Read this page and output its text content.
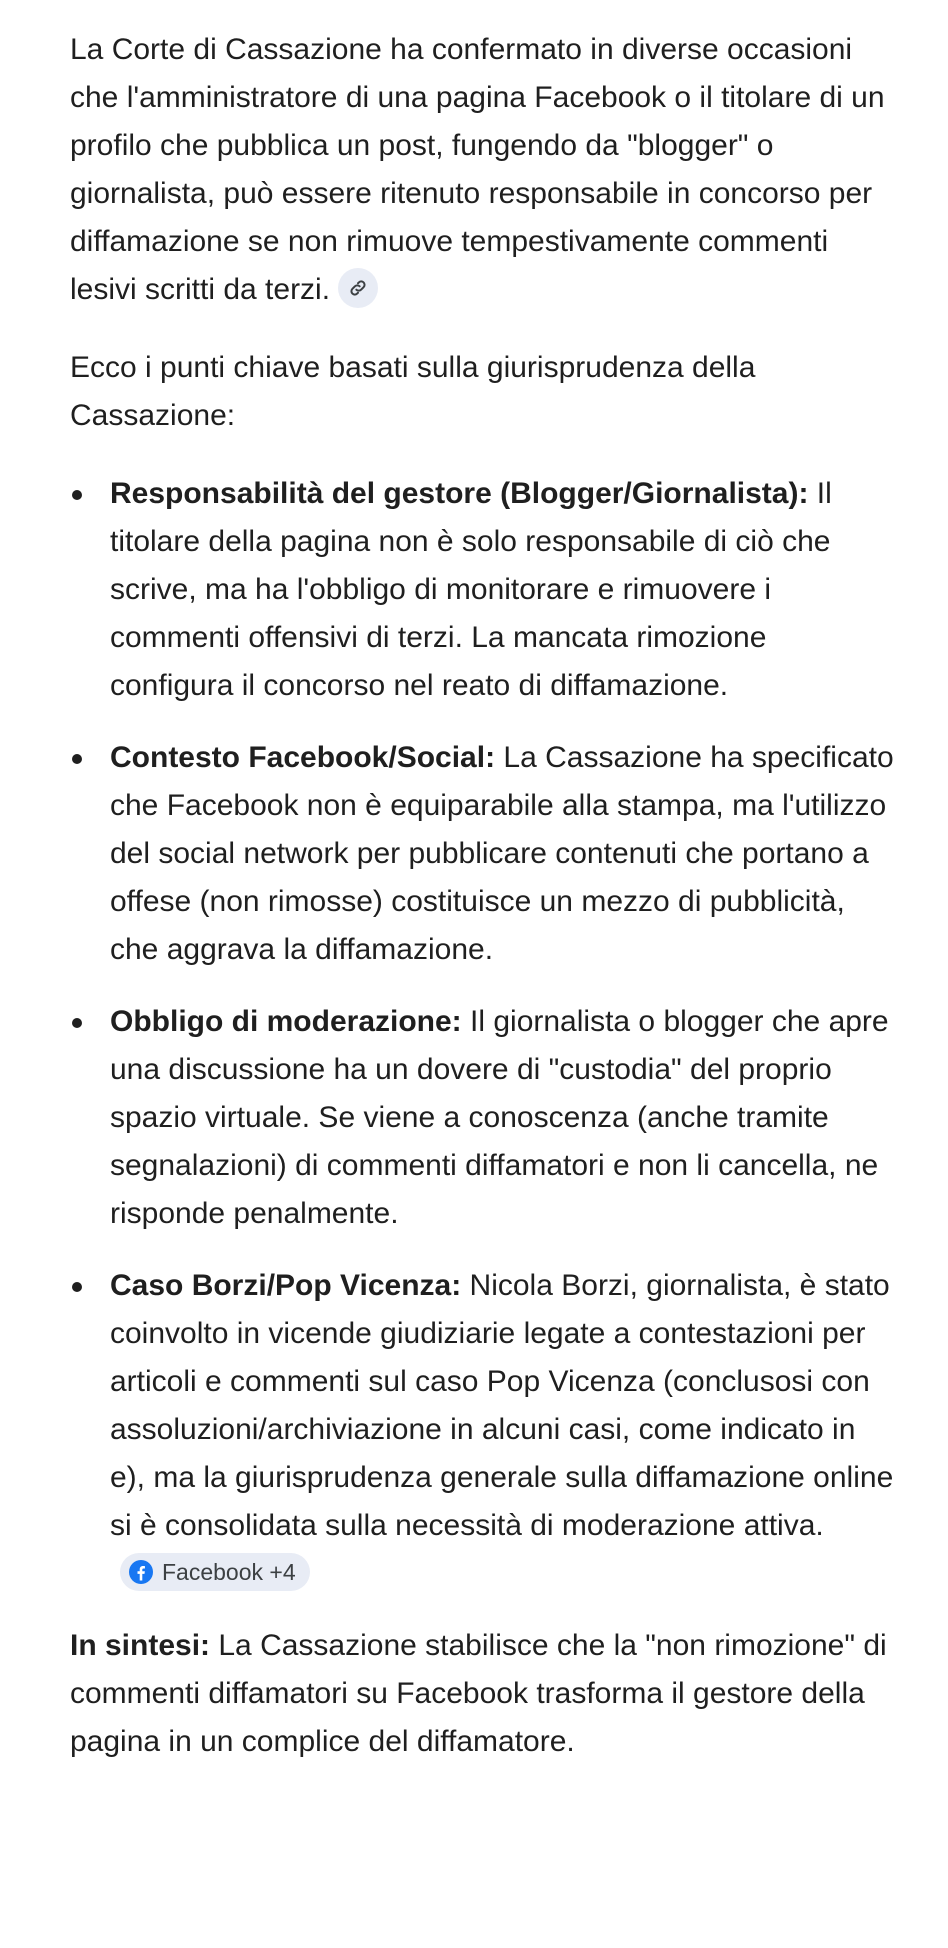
La Corte di Cassazione ha confermato in diverse occasioni che l'amministratore di una pagina Facebook o il titolare di un profilo che pubblica un post, fungendo da "blogger" o giornalista, può essere ritenuto responsabile in concorso per diffamazione se non rimuove tempestivamente commenti lesivi scritti da terzi.

Ecco i punti chiave basati sulla giurisprudenza della Cassazione:

Responsabilità del gestore (Blogger/Giornalista): Il titolare della pagina non è solo responsabile di ciò che scrive, ma ha l'obbligo di monitorare e rimuovere i commenti offensivi di terzi. La mancata rimozione configura il concorso nel reato di diffamazione.
Contesto Facebook/Social: La Cassazione ha specificato che Facebook non è equiparabile alla stampa, ma l'utilizzo del social network per pubblicare contenuti che portano a offese (non rimosse) costituisce un mezzo di pubblicità, che aggrava la diffamazione.
Obbligo di moderazione: Il giornalista o blogger che apre una discussione ha un dovere di "custodia" del proprio spazio virtuale. Se viene a conoscenza (anche tramite segnalazioni) di commenti diffamatori e non li cancella, ne risponde penalmente.
Caso Borzi/Pop Vicenza: Nicola Borzi, giornalista, è stato coinvolto in vicende giudiziarie legate a contestazioni per articoli e commenti sul caso Pop Vicenza (conclusosi con assoluzioni/archiviazione in alcuni casi, come indicato in e), ma la giurisprudenza generale sulla diffamazione online si è consolidata sulla necessità di moderazione attiva.
Facebook +4

In sintesi: La Cassazione stabilisce che la "non rimozione" di commenti diffamatori su Facebook trasforma il gestore della pagina in un complice del diffamatore.
